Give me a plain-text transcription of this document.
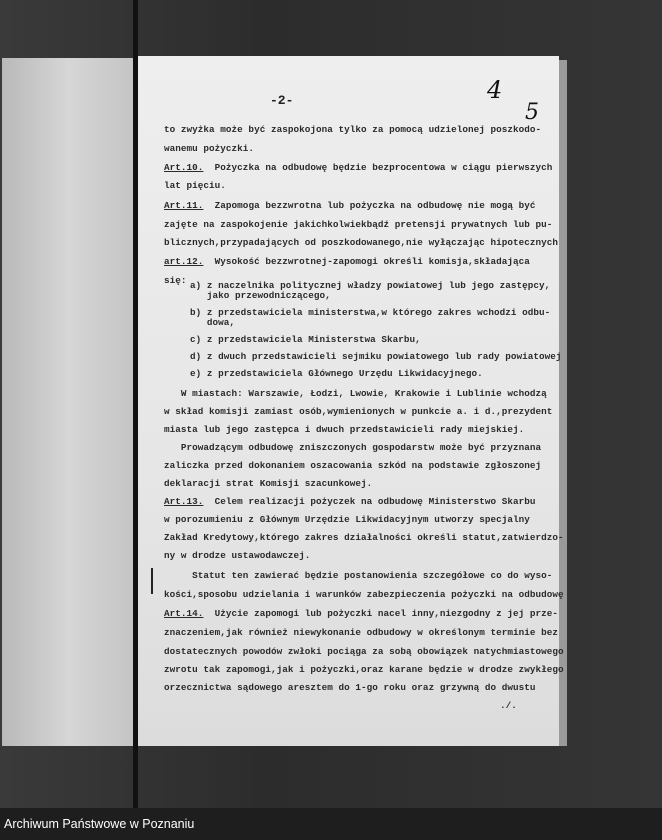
-2-	4
5
to zwyżka może być zaspokojona tylko za pomocą udzielonej poszkodo-
wanemu pożyczki.
Art.10.  Pożyczka na odbudowę będzie bezprocentowa w ciągu pierwszych
lat pięciu.
Art.11.  Zapomoga bezzwrotna lub pożyczka na odbudowę nie mogą być
zajęte na zaspokojenie jakichkolwiekbądź pretensji prywatnych lub pu-
blicznych,przypadających od poszkodowanego,nie wyłączając hipotecznych
art.12.  Wysokość bezzwrotnej-zapomogi określi komisja,składająca
się: a) z naczelnika politycznej władzy powiatowej lub jego zastępcy,
jako przewodniczącego,
b) z przedstawiciela ministerstwa,w którego zakres wchodzi odbu-
dowa,
c) z przedstawiciela Ministerstwa Skarbu,
d) z dwuch przedstawicieli sejmiku powiatowego lub rady powiatowej
e) z przedstawiciela Głównego Urzędu Likwidacyjnego.
W miastach: Warszawie, Łodzi, Lwowie, Krakowie i Lublinie wchodzą
w skład komisji zamiast osób,wymienionych w punkcie a. i d.,prezydent
miasta lub jego zastępca i dwuch przedstawicieli rady miejskiej.
Prowadzącym odbudowę zniszczonych gospodarstw może być przyznana
zaliczka przed dokonaniem oszacowania szkód na podstawie zgłoszonej
deklaracji strat Komisji szacunkowej.
Art.13.  Celem realizacji pożyczek na odbudowę Ministerstwo Skarbu
w porozumieniu z Głównym Urzędzie Likwidacyjnym utworzy specjalny
Zakład Kredytowy,którego zakres działalności określi statut,zatwierdzo-
ny w drodze ustawodawczej.
Statut ten zawierać będzie postanowienia szczegółowe co do wyso-
kości,sposobu udzielania i warunków zabezpieczenia pożyczki na odbudowę
Art.14.  Użycie zapomogi lub pożyczki nacel inny,niezgodny z jej prze-
znaczeniem,jak również niewykonanie odbudowy w określonym terminie bez
dostatecznych powodów zwłoki pociąga za sobą obowiązek natychmiastowego
zwrotu tak zapomogi,jak i pożyczki,oraz karane będzie w drodze zwykłego
orzecznictwa sądowego aresztem do 1-go roku oraz grzywną do dwustu
./.
Archiwum Państwowe w Poznaniu
